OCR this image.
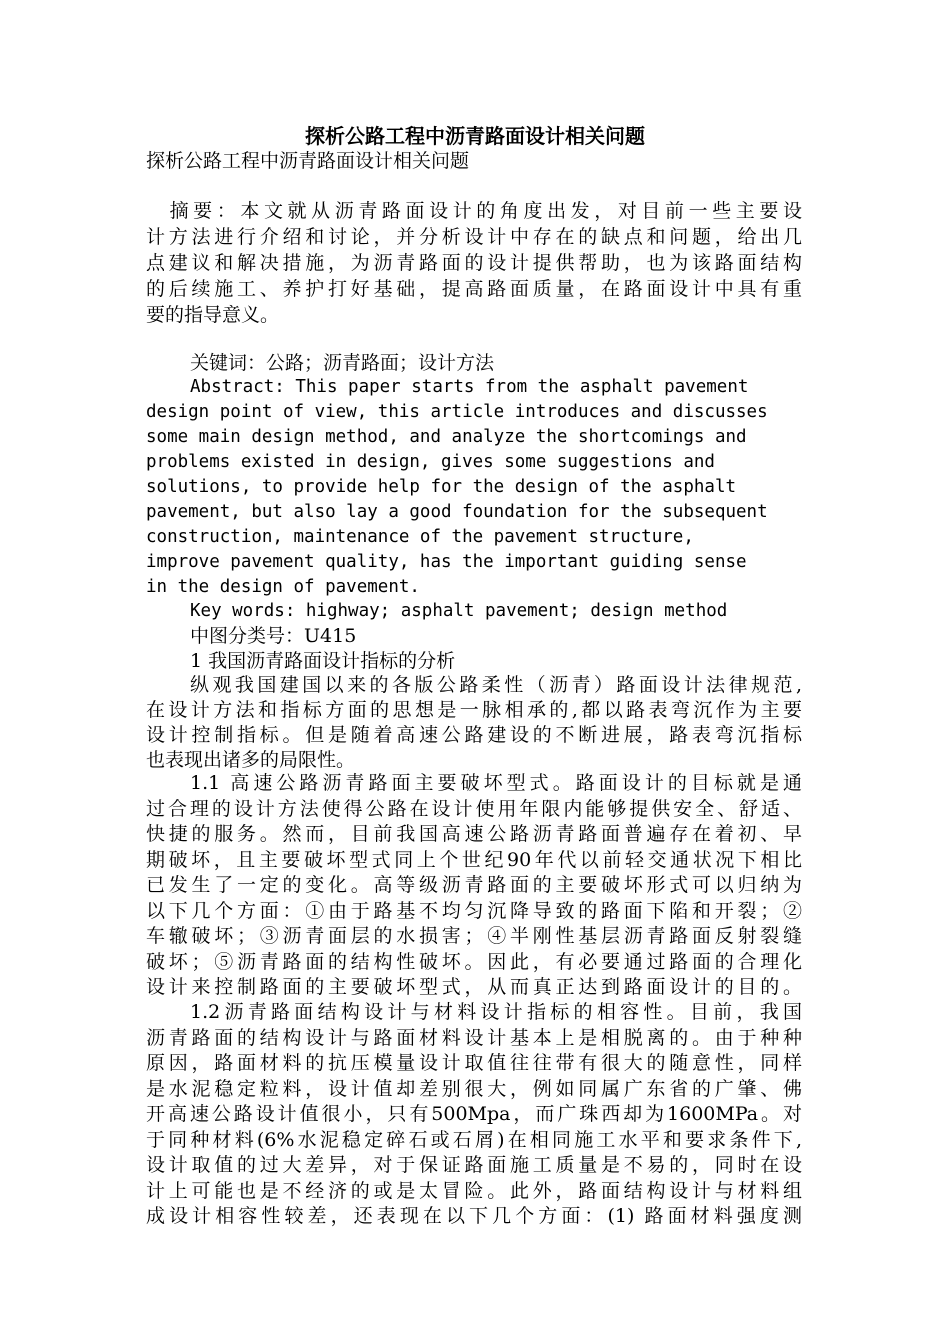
探析公路工程中沥青路面设计相关问题
探析公路工程中沥青路面设计相关问题
　摘要：本文就从沥青路面设计的角度出发，对目前一些主要设
计方法进行介绍和讨论，并分析设计中存在的缺点和问题，给出几
点建议和解决措施，为沥青路面的设计提供帮助，也为该路面结构
的后续施工、养护打好基础，提高路面质量，在路面设计中具有重
要的指导意义。
关键词：公路；沥青路面；设计方法
Abstract: This paper starts from the asphalt pavement
design point of view, this article introduces and discusses
some main design method, and analyze the shortcomings and
problems existed in design, gives some suggestions and
solutions, to provide help for the design of the asphalt
pavement, but also lay a good foundation for the subsequent
construction, maintenance of the pavement structure,
improve pavement quality, has the important guiding sense
in the design of pavement.
Key words: highway; asphalt pavement; design method
中图分类号：U415
1 我国沥青路面设计指标的分析
纵观我国建国以来的各版公路柔性（沥青）路面设计法律规范,
在设计方法和指标方面的思想是一脉相承的,都以路表弯沉作为主要
设计控制指标。但是随着高速公路建设的不断进展，路表弯沉指标
也表现出诸多的局限性。
1.1 高速公路沥青路面主要破坏型式。路面设计的目标就是通
过合理的设计方法使得公路在设计使用年限内能够提供安全、舒适、
快捷的服务。然而，目前我国高速公路沥青路面普遍存在着初、早
期破坏，且主要破坏型式同上个世纪90年代以前轻交通状况下相比
已发生了一定的变化。高等级沥青路面的主要破坏形式可以归纳为
以下几个方面：①由于路基不均匀沉降导致的路面下陷和开裂；②
车辙破坏；③沥青面层的水损害；④半刚性基层沥青路面反射裂缝
破坏；⑤沥青路面的结构性破坏。因此，有必要通过路面的合理化
设计来控制路面的主要破坏型式，从而真正达到路面设计的目的。
1.2沥青路面结构设计与材料设计指标的相容性。目前，我国
沥青路面的结构设计与路面材料设计基本上是相脱离的。由于种种
原因，路面材料的抗压模量设计取值往往带有很大的随意性，同样
是水泥稳定粒料，设计值却差别很大，例如同属广东省的广肇、佛
开高速公路设计值很小，只有500Mpa，而广珠西却为1600MPa。对
于同种材料(6%水泥稳定碎石或石屑)在相同施工水平和要求条件下,
设计取值的过大差异，对于保证路面施工质量是不易的，同时在设
计上可能也是不经济的或是太冒险。此外，路面结构设计与材料组
成设计相容性较差，还表现在以下几个方面：(1) 路面材料强度测
